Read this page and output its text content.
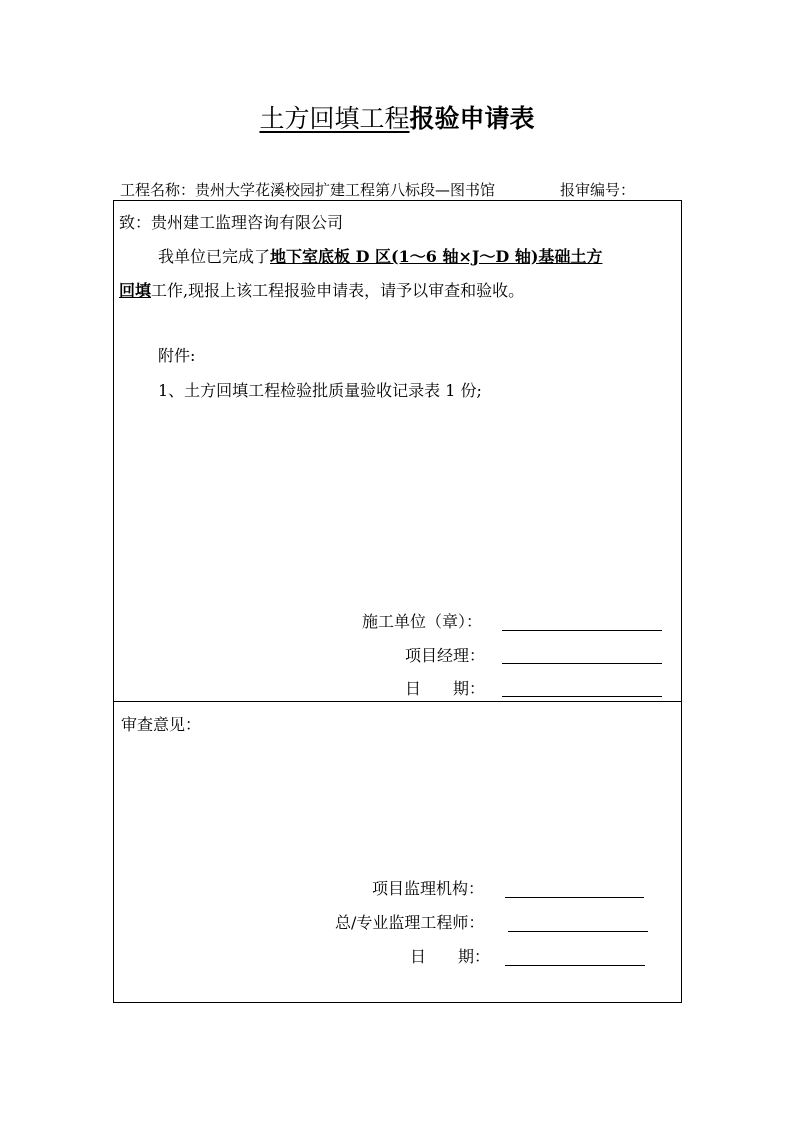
土方回填工程报验申请表
工程名称：贵州大学花溪校园扩建工程第八标段—图书馆	报审编号：
致：贵州建工监理咨询有限公司
我单位已完成了地下室底板 D 区(1～6 轴×J～D 轴)基础土方
回填工作,现报上该工程报验申请表，请予以审查和验收。
附件:
1、土方回填工程检验批质量验收记录表 1 份;
施工单位（章）：
项目经理：
日　　期：
审查意见：
项目监理机构：
总/专业监理工程师：
日　　期：
